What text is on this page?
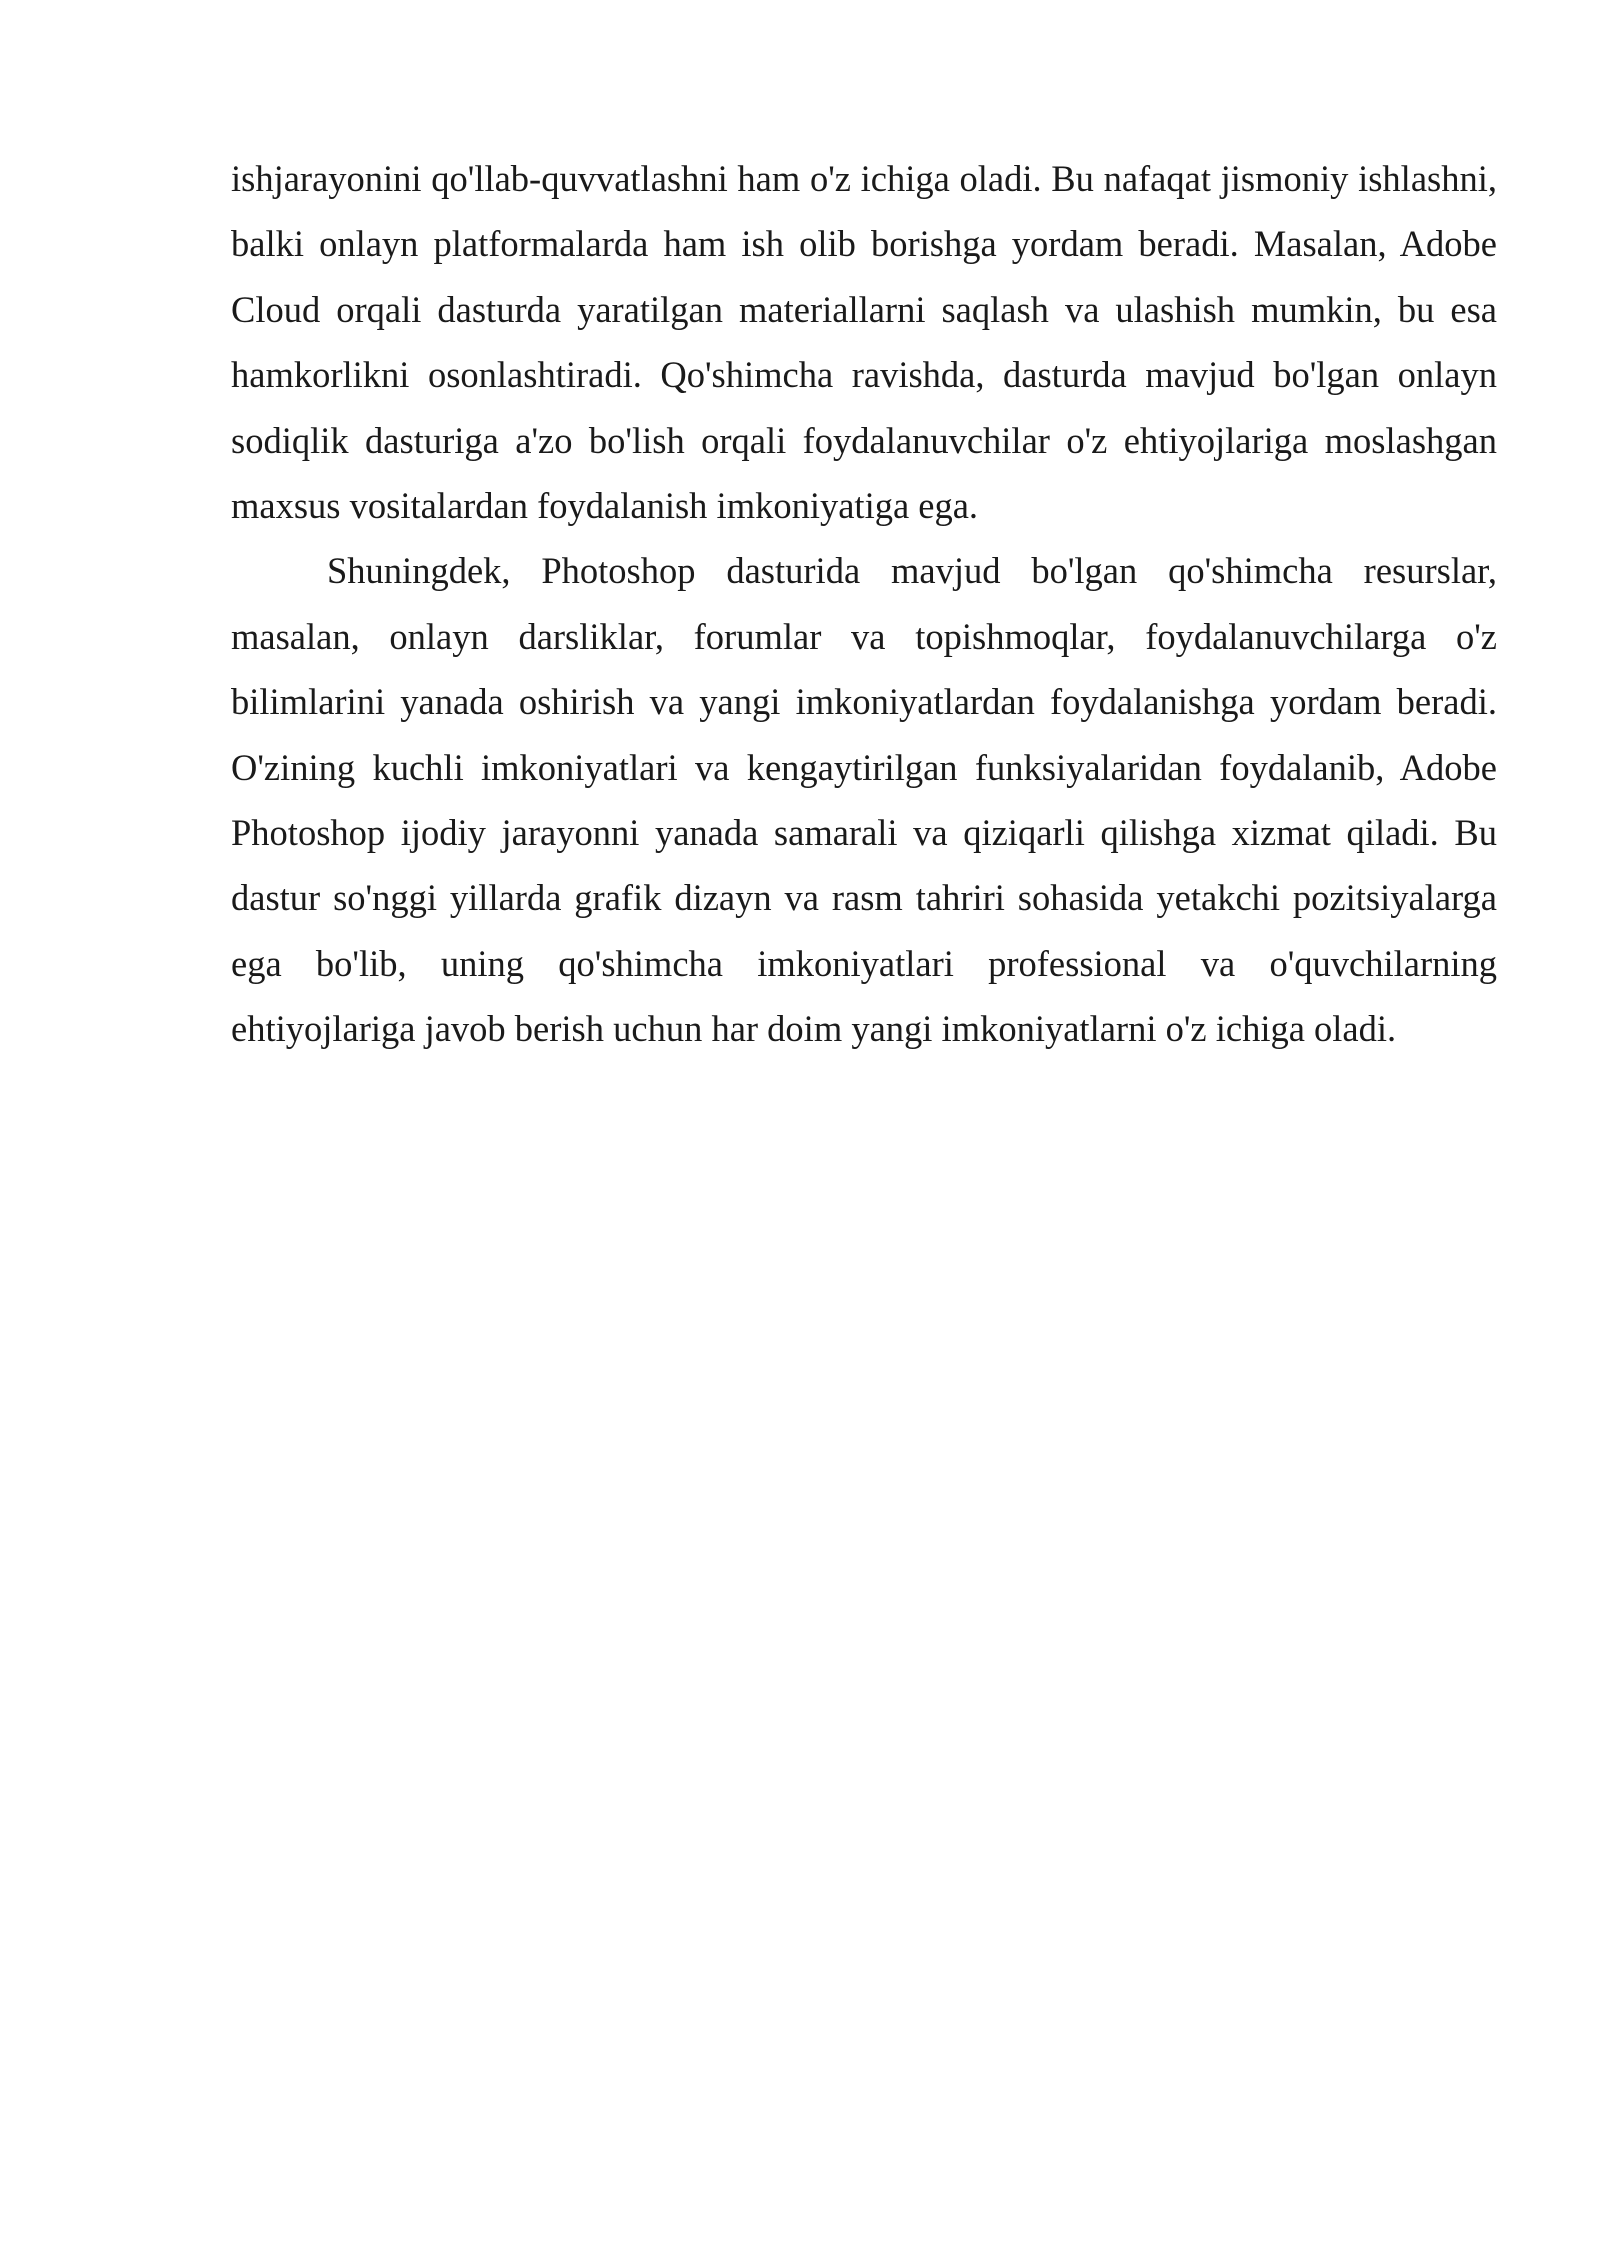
ishjarayonini qo'llab-quvvatlashni ham o'z ichiga oladi. Bu nafaqat jismoniy ishlashni, balki onlayn platformalarda ham ish olib borishga yordam beradi. Masalan, Adobe Cloud orqali dasturda yaratilgan materiallarni saqlash va ulashish mumkin, bu esa hamkorlikni osonlashtiradi. Qo'shimcha ravishda, dasturda mavjud bo'lgan onlayn sodiqlik dasturiga a'zo bo'lish orqali foydalanuvchilar o'z ehtiyojlariga moslashgan maxsus vositalardan foydalanish imkoniyatiga ega.

Shuningdek, Photoshop dasturida mavjud bo'lgan qo'shimcha resurslar, masalan, onlayn darsliklar, forumlar va topishmoqlar, foydalanuvchilarga o'z bilimlarini yanada oshirish va yangi imkoniyatlardan foydalanishga yordam beradi. O'zining kuchli imkoniyatlari va kengaytirilgan funksiyalaridan foydalanib, Adobe Photoshop ijodiy jarayonni yanada samarali va qiziqarli qilishga xizmat qiladi. Bu dastur so'nggi yillarda grafik dizayn va rasm tahriri sohasida yetakchi pozitsiyalarga ega bo'lib, uning qo'shimcha imkoniyatlari professional va o'quvchilarning ehtiyojlariga javob berish uchun har doim yangi imkoniyatlarni o'z ichiga oladi.
